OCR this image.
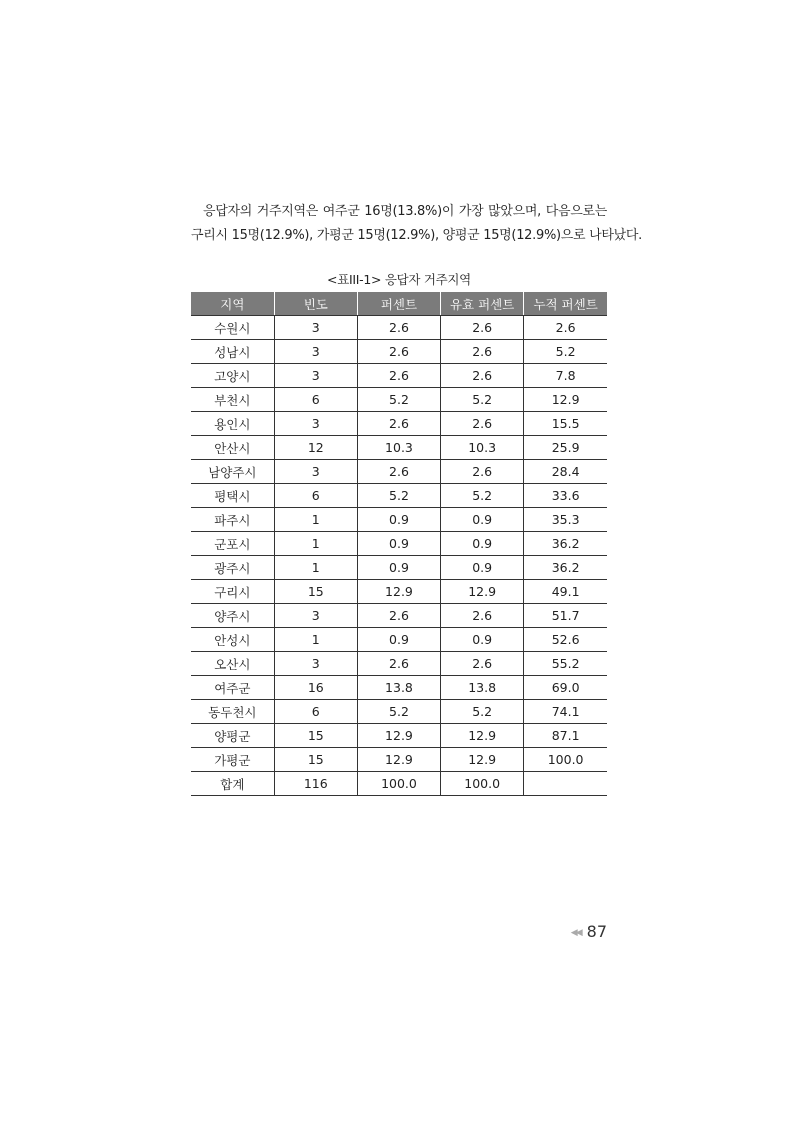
응답자의 거주지역은 여주군 16명(13.8%)이 가장 많았으며, 다음으로는
구리시 15명(12.9%), 가평군 15명(12.9%), 양평군 15명(12.9%)으로 나타났다.
<표III-1> 응답자 거주지역
지역	빈도	퍼센트	유효 퍼센트	누적 퍼센트
수원시	3	2.6	2.6	2.6
성남시	3	2.6	2.6	5.2
고양시	3	2.6	2.6	7.8
부천시	6	5.2	5.2	12.9
용인시	3	2.6	2.6	15.5
안산시	12	10.3	10.3	25.9
남양주시	3	2.6	2.6	28.4
평택시	6	5.2	5.2	33.6
파주시	1	0.9	0.9	35.3
군포시	1	0.9	0.9	36.2
광주시	1	0.9	0.9	36.2
구리시	15	12.9	12.9	49.1
양주시	3	2.6	2.6	51.7
안성시	1	0.9	0.9	52.6
오산시	3	2.6	2.6	55.2
여주군	16	13.8	13.8	69.0
동두천시	6	5.2	5.2	74.1
양평군	15	12.9	12.9	87.1
가평군	15	12.9	12.9	100.0
합계	116	100.0	100.0	
◀◀ 87
